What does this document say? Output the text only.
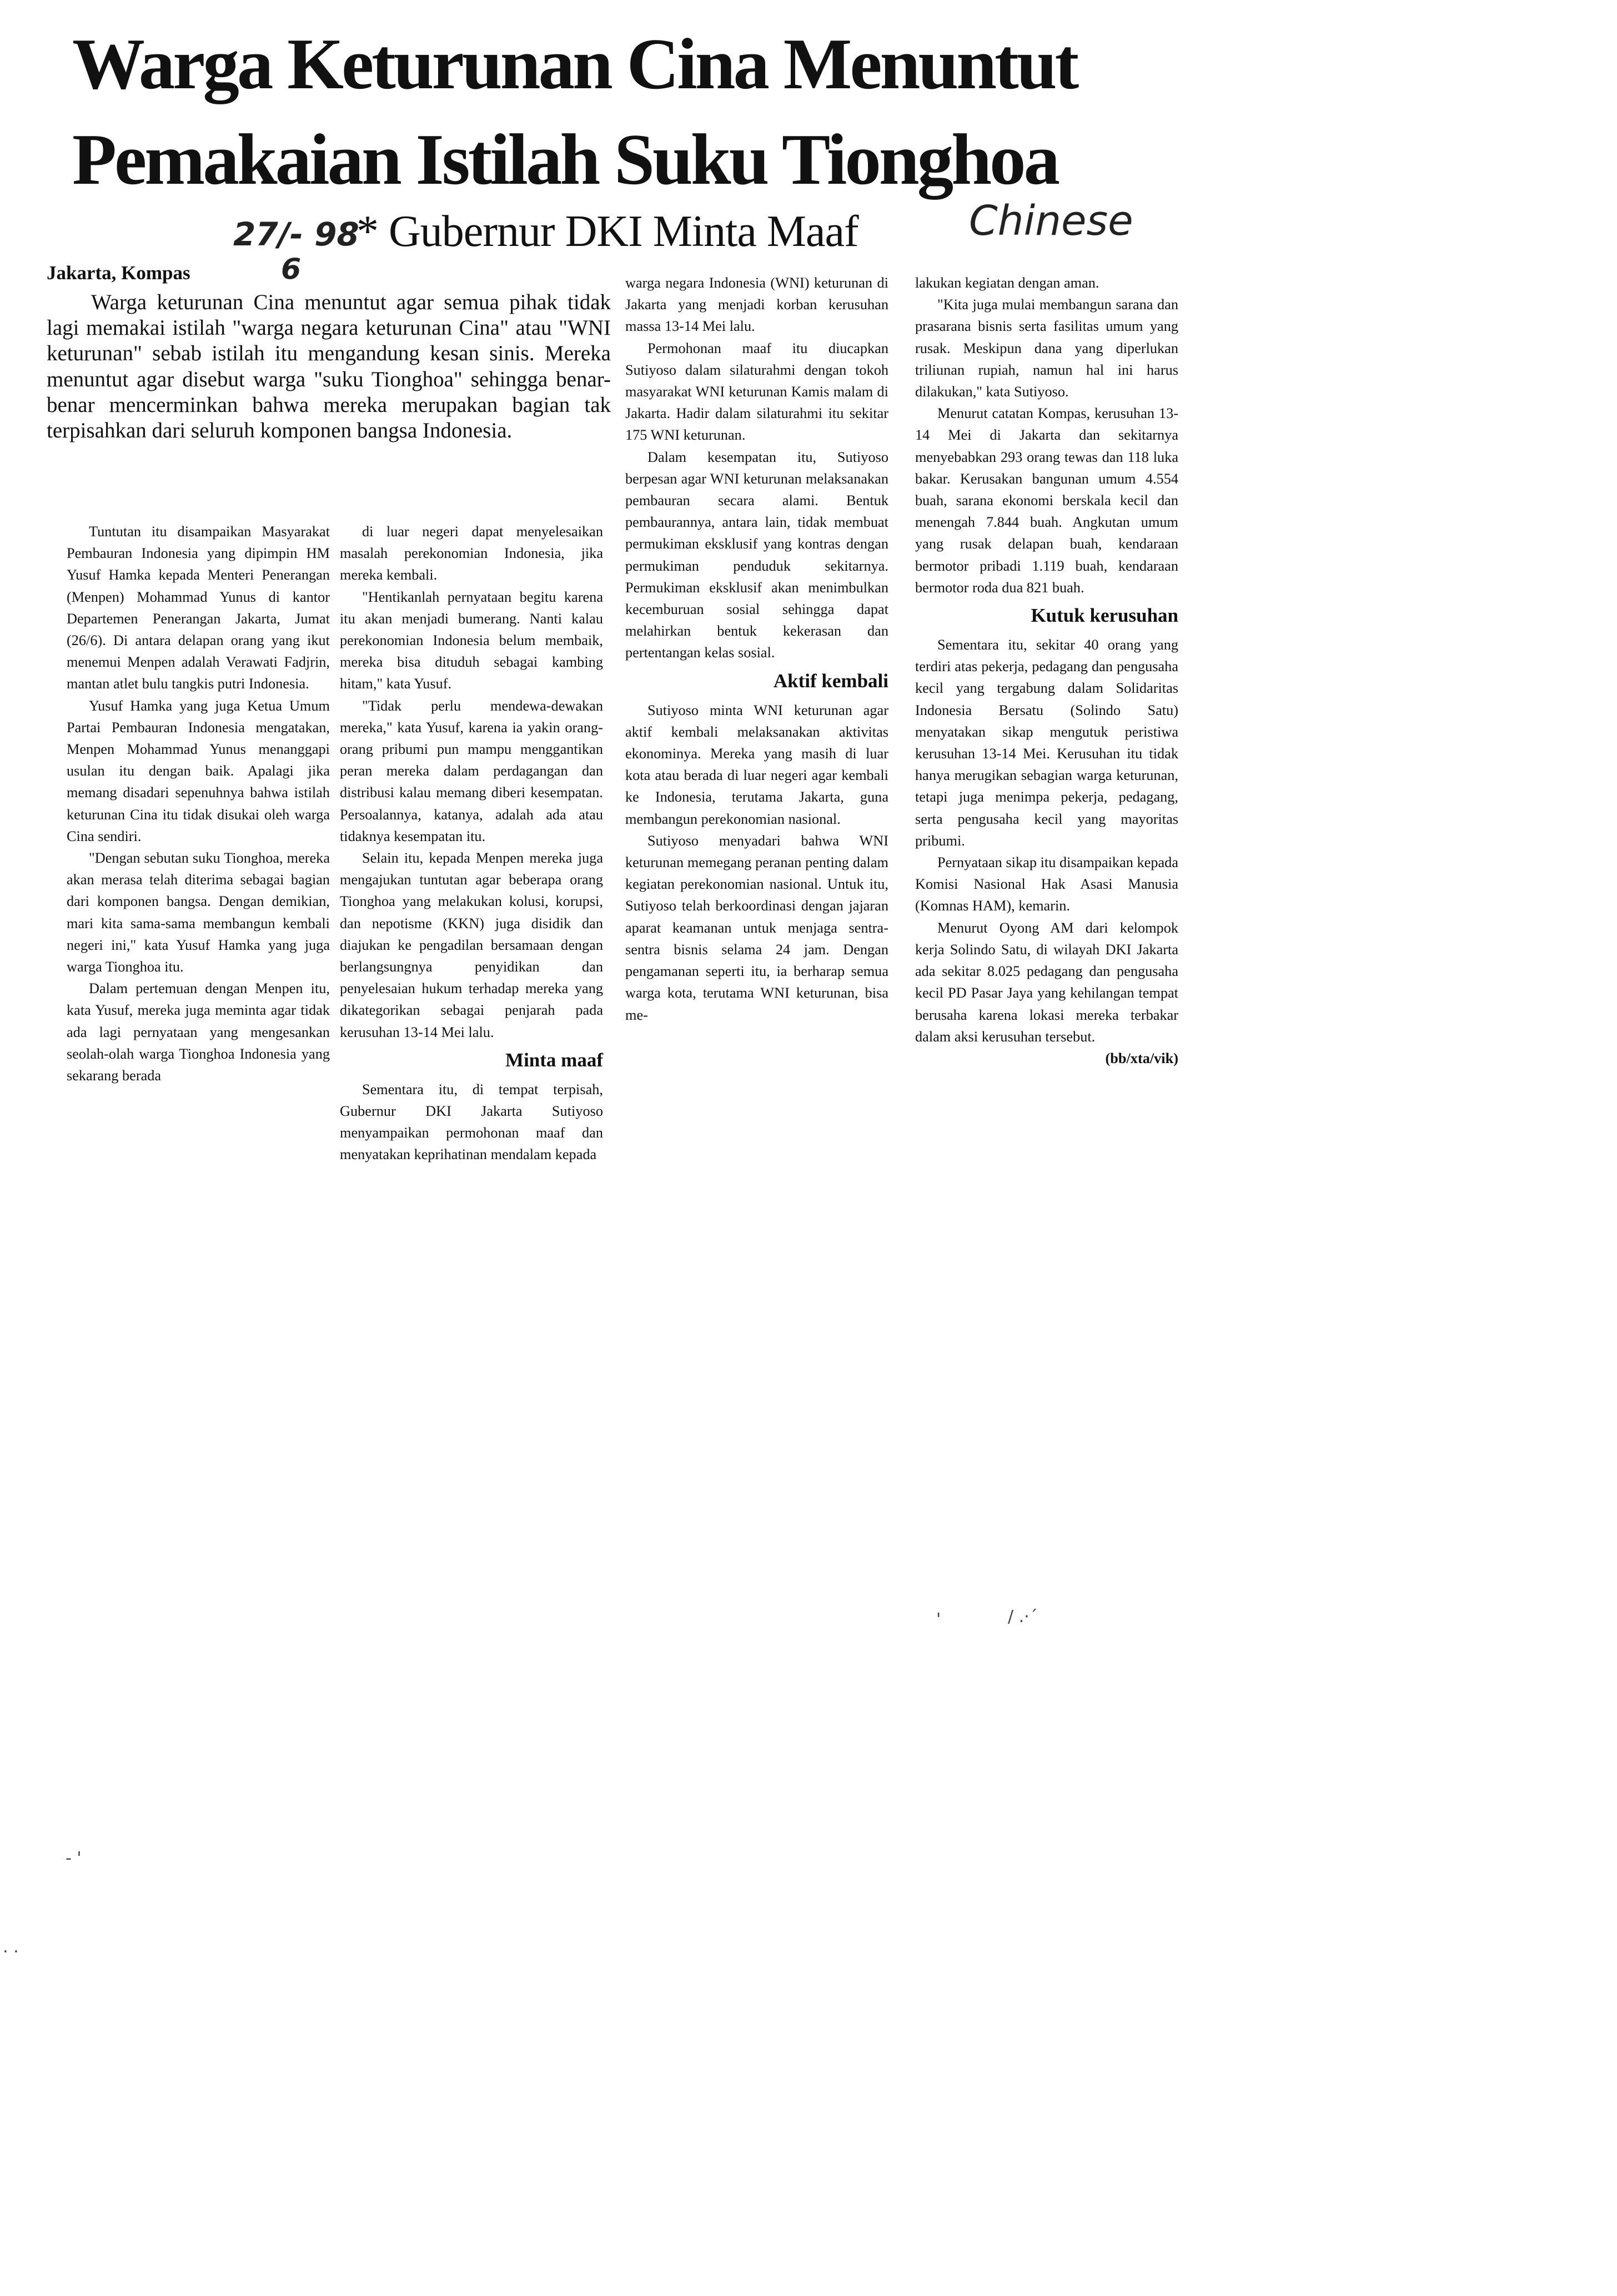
Warga Keturunan Cina Menuntut
Pemakaian Istilah Suku Tionghoa
27/- 98
6
Chinese
* Gubernur DKI Minta Maaf
Jakarta, Kompas

Warga keturunan Cina menuntut agar semua pihak tidak lagi memakai istilah "warga negara keturunan Cina" atau "WNI keturunan" sebab istilah itu mengandung kesan sinis. Mereka menuntut agar disebut warga "suku Tionghoa" sehingga benar-benar mencerminkan bahwa mereka merupakan bagian tak terpisahkan dari seluruh komponen bangsa Indonesia.

Tuntutan itu disampaikan Masyarakat Pembauran Indonesia yang dipimpin HM Yusuf Hamka kepada Menteri Penerangan (Menpen) Mohammad Yunus di kantor Departemen Penerangan Jakarta, Jumat (26/6). Di antara delapan orang yang ikut menemui Menpen adalah Verawati Fadjrin, mantan atlet bulu tangkis putri Indonesia.

Yusuf Hamka yang juga Ketua Umum Partai Pembauran Indonesia mengatakan, Menpen Mohammad Yunus menanggapi usulan itu dengan baik. Apalagi jika memang disadari sepenuhnya bahwa istilah keturunan Cina itu tidak disukai oleh warga Cina sendiri.

"Dengan sebutan suku Tionghoa, mereka akan merasa telah diterima sebagai bagian dari komponen bangsa. Dengan demikian, mari kita sama-sama membangun kembali negeri ini," kata Yusuf Hamka yang juga warga Tionghoa itu.

Dalam pertemuan dengan Menpen itu, kata Yusuf, mereka juga meminta agar tidak ada lagi pernyataan yang mengesankan seolah-olah warga Tionghoa Indonesia yang sekarang berada

di luar negeri dapat menyelesaikan masalah perekonomian Indonesia, jika mereka kembali.

"Hentikanlah pernyataan begitu karena itu akan menjadi bumerang. Nanti kalau perekonomian Indonesia belum membaik, mereka bisa dituduh sebagai kambing hitam," kata Yusuf.

"Tidak perlu mendewa-dewakan mereka," kata Yusuf, karena ia yakin orang-orang pribumi pun mampu menggantikan peran mereka dalam perdagangan dan distribusi kalau memang diberi kesempatan. Persoalannya, katanya, adalah ada atau tidaknya kesempatan itu.

Selain itu, kepada Menpen mereka juga mengajukan tuntutan agar beberapa orang Tionghoa yang melakukan kolusi, korupsi, dan nepotisme (KKN) juga disidik dan diajukan ke pengadilan bersamaan dengan berlangsungnya penyidikan dan penyelesaian hukum terhadap mereka yang dikategorikan sebagai penjarah pada kerusuhan 13-14 Mei lalu.

Minta maaf

Sementara itu, di tempat terpisah, Gubernur DKI Jakarta Sutiyoso menyampaikan permohonan maaf dan menyatakan keprihatinan mendalam kepada

warga negara Indonesia (WNI) keturunan di Jakarta yang menjadi korban kerusuhan massa 13-14 Mei lalu.

Permohonan maaf itu diucapkan Sutiyoso dalam silaturahmi dengan tokoh masyarakat WNI keturunan Kamis malam di Jakarta. Hadir dalam silaturahmi itu sekitar 175 WNI keturunan.

Dalam kesempatan itu, Sutiyoso berpesan agar WNI keturunan melaksanakan pembauran secara alami. Bentuk pembaurannya, antara lain, tidak membuat permukiman eksklusif yang kontras dengan permukiman penduduk sekitarnya. Permukiman eksklusif akan menimbulkan kecemburuan sosial sehingga dapat melahirkan bentuk kekerasan dan pertentangan kelas sosial.

Aktif kembali

Sutiyoso minta WNI keturunan agar aktif kembali melaksanakan aktivitas ekonominya. Mereka yang masih di luar kota atau berada di luar negeri agar kembali ke Indonesia, terutama Jakarta, guna membangun perekonomian nasional.

Sutiyoso menyadari bahwa WNI keturunan memegang peranan penting dalam kegiatan perekonomian nasional. Untuk itu, Sutiyoso telah berkoordinasi dengan jajaran aparat keamanan untuk menjaga sentra-sentra bisnis selama 24 jam. Dengan pengamanan seperti itu, ia berharap semua warga kota, terutama WNI keturunan, bisa me-

lakukan kegiatan dengan aman.

"Kita juga mulai membangun sarana dan prasarana bisnis serta fasilitas umum yang rusak. Meskipun dana yang diperlukan triliunan rupiah, namun hal ini harus dilakukan," kata Sutiyoso.

Menurut catatan Kompas, kerusuhan 13-14 Mei di Jakarta dan sekitarnya menyebabkan 293 orang tewas dan 118 luka bakar. Kerusakan bangunan umum 4.554 buah, sarana ekonomi berskala kecil dan menengah 7.844 buah. Angkutan umum yang rusak delapan buah, kendaraan bermotor pribadi 1.119 buah, kendaraan bermotor roda dua 821 buah.

Kutuk kerusuhan

Sementara itu, sekitar 40 orang yang terdiri atas pekerja, pedagang dan pengusaha kecil yang tergabung dalam Solidaritas Indonesia Bersatu (Solindo Satu) menyatakan sikap mengutuk peristiwa kerusuhan 13-14 Mei. Kerusuhan itu tidak hanya merugikan sebagian warga keturunan, tetapi juga menimpa pekerja, pedagang, serta pengusaha kecil yang mayoritas pribumi.

Pernyataan sikap itu disampaikan kepada Komisi Nasional Hak Asasi Manusia (Komnas HAM), kemarin.

Menurut Oyong AM dari kelompok kerja Solindo Satu, di wilayah DKI Jakarta ada sekitar 8.025 pedagang dan pengusaha kecil PD Pasar Jaya yang kehilangan tempat berusaha karena lokasi mereka terbakar dalam aksi kerusuhan tersebut.

(bb/xta/vik)

'	/ .·´
- '
. .
